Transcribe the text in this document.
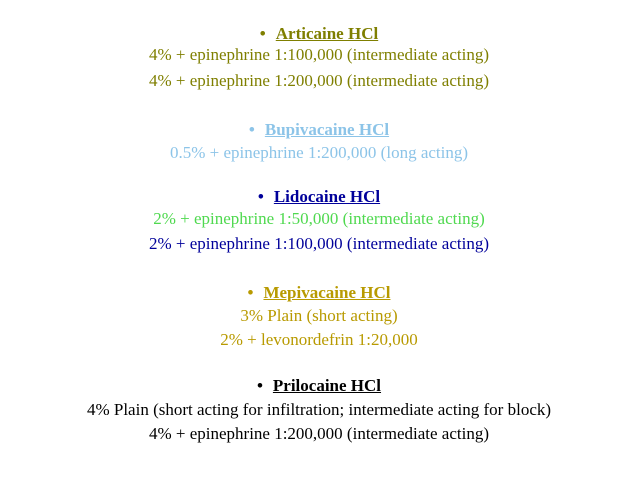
• Articaine HCl
4% + epinephrine 1:100,000 (intermediate acting)
4% + epinephrine 1:200,000 (intermediate acting)
• Bupivacaine HCl
0.5% + epinephrine 1:200,000 (long acting)
• Lidocaine HCl
2% + epinephrine 1:50,000 (intermediate acting)
2% + epinephrine 1:100,000 (intermediate acting)
• Mepivacaine HCl
3% Plain (short acting)
2% + levonordefrin 1:20,000
• Prilocaine HCl
4% Plain (short acting for infiltration; intermediate acting for block)
4% + epinephrine 1:200,000 (intermediate acting)
